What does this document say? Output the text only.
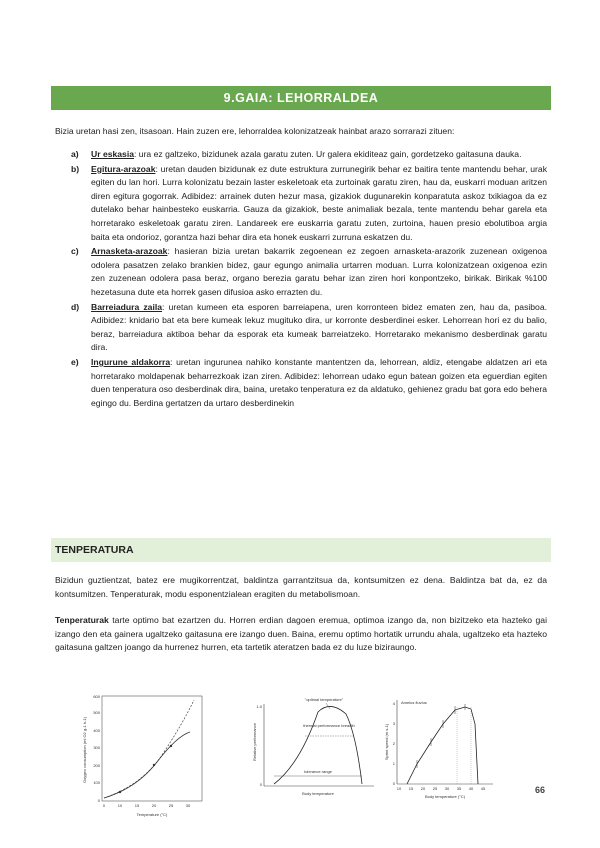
9.GAIA: LEHORRALDEA

Bizia uretan hasi zen, itsasoan. Hain zuzen ere, lehorraldea kolonizatzeak hainbat arazo sorrarazi zituen:

a) Ur eskasia: ura ez galtzeko, bizidunek azala garatu zuten. Ur galera ekiditeaz gain, gordetzeko gaitasuna dauka.
b) Egitura-arazoak: uretan dauden bizidunak ez dute estruktura zurrunegirik behar ez baitira tente mantendu behar, urak egiten du lan hori. Lurra kolonizatu bezain laster eskeletoak eta zurtoinak garatu ziren, hau da, euskarri moduan aritzen diren egitura gogorrak. Adibidez: arrainek duten hezur masa, gizakiok dugunarekin konparatuta askoz txikiagoa da ez dutelako behar hainbesteko euskarria. Gauza da gizakiok, beste animaliak bezala, tente mantendu behar garela eta horretarako eskeletoak garatu ziren. Landareek ere euskarria garatu zuten, zurtoina, hauen presio ebolutiboa argia baita eta ondorioz, gorantza hazi behar dira eta honek euskarri zurruna eskatzen du.
c) Arnasketa-arazoak: hasieran bizia uretan bakarrik zegoenean ez zegoen arnasketa-arazorik zuzenean oxigenoa odolera pasatzen zelako brankien bidez, gaur egungo animalia urtarren moduan. Lurra kolonizatzean oxigenoa ezin zen zuzenean odolera pasa beraz, organo berezia garatu behar izan ziren hori konpontzeko, birikak. Birikak %100 hezetasuna dute eta horrek gasen difusioa asko errazten du.
d) Barreiadura zaila: uretan kumeen eta esporen barreiapena, uren korronteen bidez ematen zen, hau da, pasiboa. Adibidez: knidario bat eta bere kumeak lekuz mugituko dira, ur korronte desberdinei esker. Lehorrean hori ez du balio, beraz, barreiadura aktiboa behar da esporak eta kumeak barreiatzeko. Horretarako mekanismo desberdinak garatu dira.
e) Ingurune aldakorra: uretan ingurunea nahiko konstante mantentzen da, lehorrean, aldiz, etengabe aldatzen ari eta horretarako moldapenak beharrezkoak izan ziren. Adibidez: lehorrean udako egun batean goizen eta eguerdian egiten duen tenperatura oso desberdinak dira, baina, uretako tenperatura ez da aldatuko, gehienez gradu bat gora edo behera egingo du. Berdina gertatzen da urtaro desberdinekin
TENPERATURA

Bizidun guztientzat, batez ere mugikorrentzat, baldintza garrantzitsua da, kontsumitzen ez dena. Baldintza bat da, ez da kontsumitzen. Tenperaturak, modu esponentzialean eragiten du metabolismoan.

Tenperaturak tarte optimo bat ezartzen du. Horren erdian dagoen eremua, optimoa izango da, non bizitzeko eta hazteko gai izango den eta gainera ugaltzeko gaitasuna ere izango duen. Baina, eremu optimo hortatik urrundu ahala, ugaltzeko eta hazteko gaitasuna galtzen joango da hurrenez hurren, eta tartetik ateratzen bada ez du luze biziraungo.

Oxygen consumption (ml O2 g-1 h-1)
0
100
200
300
400
500
600
0	10	15	20	25	30
Temperature (°C)
Relative performance
1.0
0
"optimal temperature"
thermal performance breadth
tolerance range
Body temperature
Amelus fluvius
Sprint speed (m s-1)
0
1
2
3
4
10 15 20 25 30 35 40 45
Body temperature (°C)
66
